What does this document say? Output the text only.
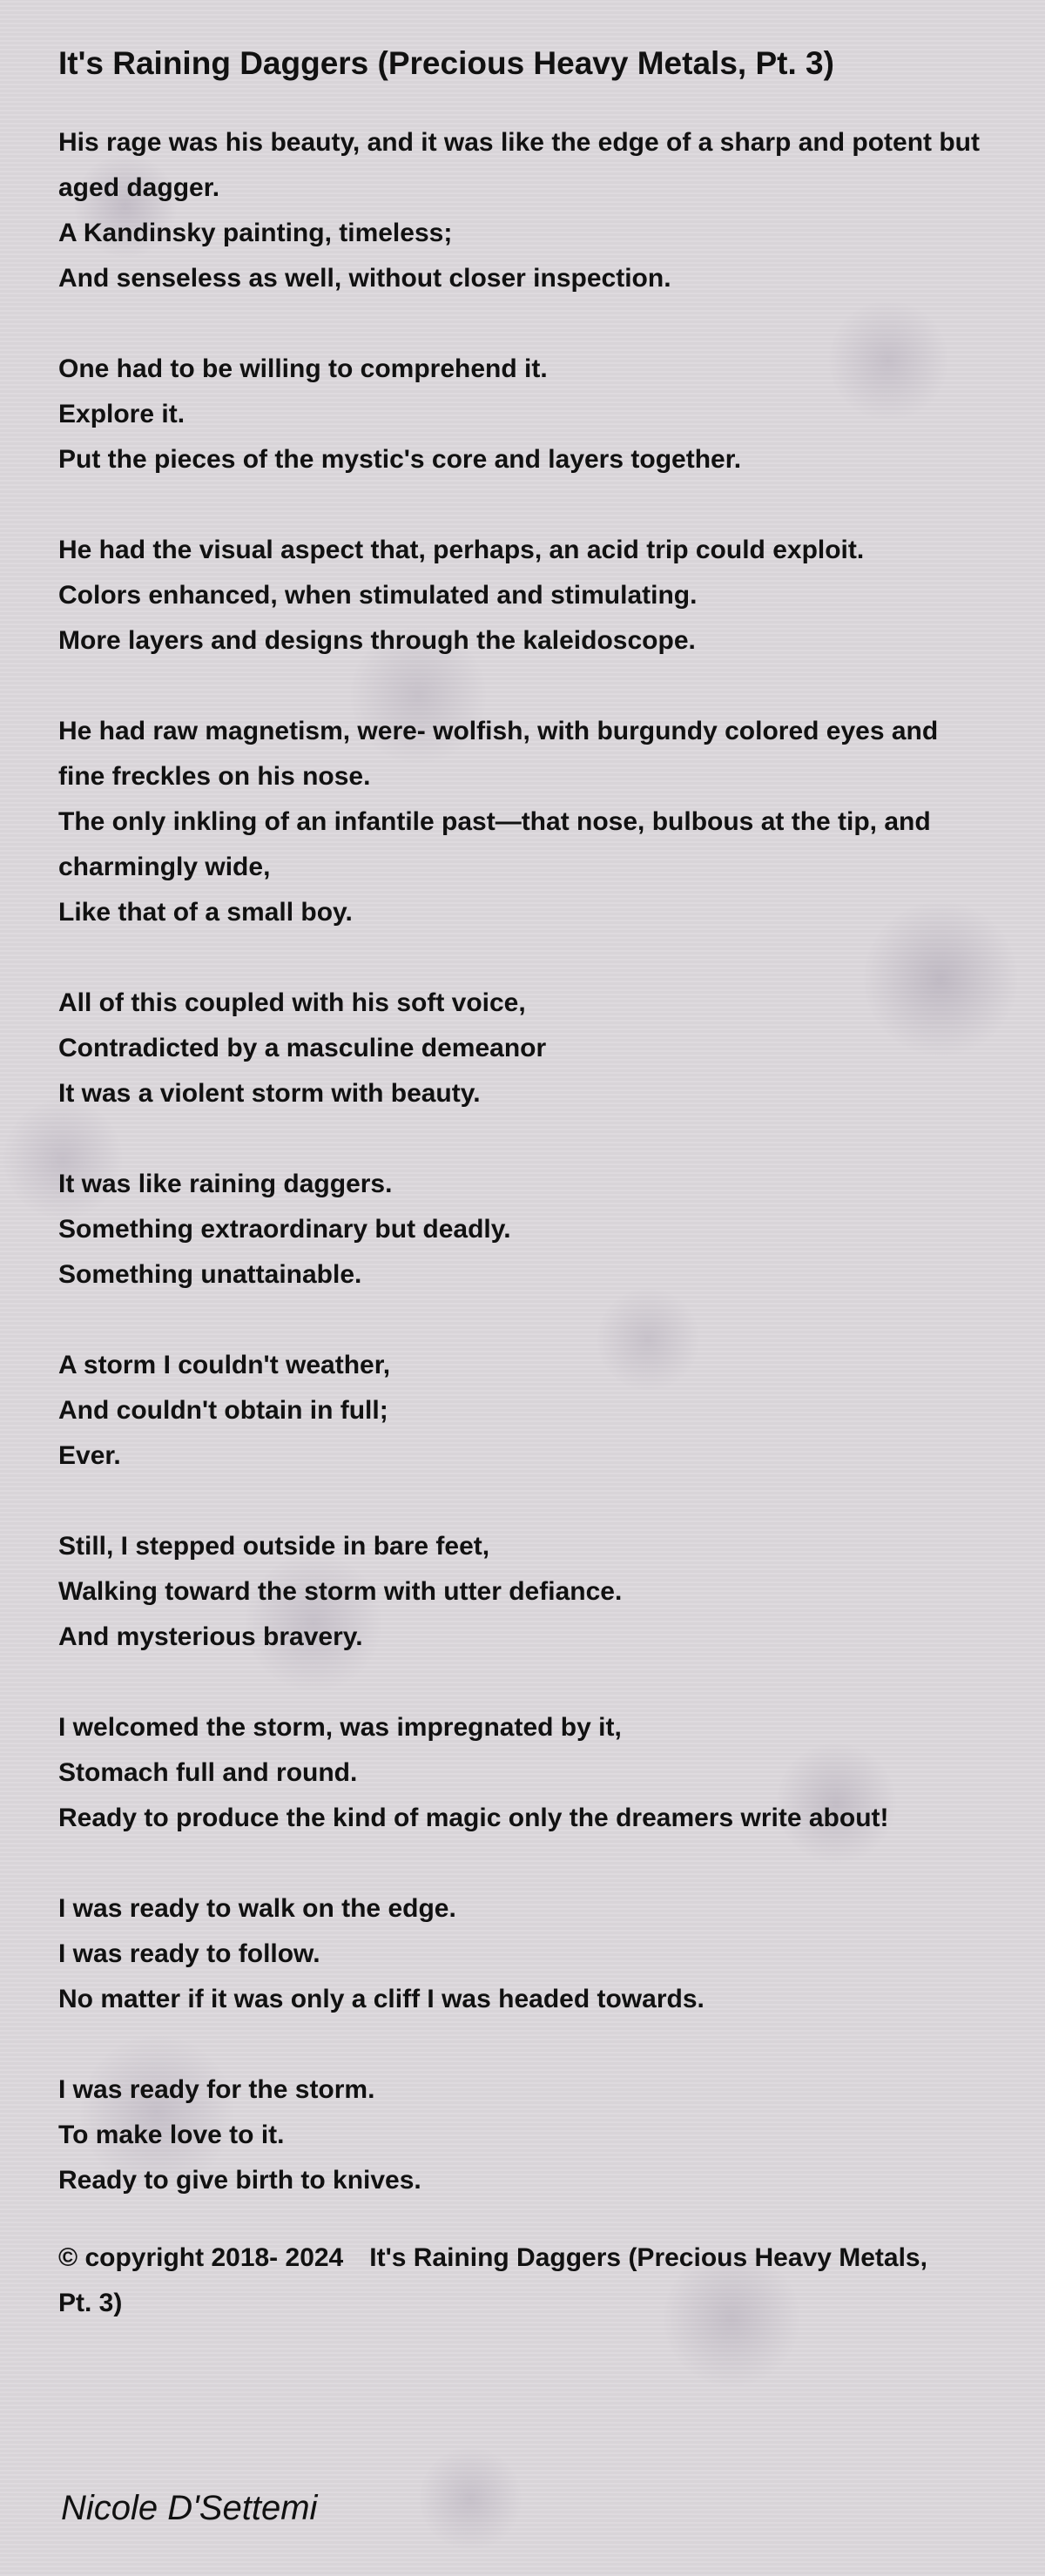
It's Raining Daggers (Precious Heavy Metals, Pt. 3)
His rage was his beauty, and it was like the edge of a sharp and potent but aged dagger.
A Kandinsky painting, timeless;
And senseless as well, without closer inspection.
One had to be willing to comprehend it.
Explore it.
Put the pieces of the mystic's core and layers together.
He had the visual aspect that, perhaps, an acid trip could exploit.
Colors enhanced, when stimulated and stimulating.
More layers and designs through the kaleidoscope.
He had raw magnetism, were- wolfish, with burgundy colored eyes and fine freckles on his nose.
The only inkling of an infantile past—that nose, bulbous at the tip, and charmingly wide,
Like that of a small boy.
All of this coupled with his soft voice,
Contradicted by a masculine demeanor
It was a violent storm with beauty.
It was like raining daggers.
Something extraordinary but deadly.
Something unattainable.
A storm I couldn't weather,
And couldn't obtain in full;
Ever.
Still, I stepped outside in bare feet,
Walking toward the storm with utter defiance.
And mysterious bravery.
I welcomed the storm, was impregnated by it,
Stomach full and round.
Ready to produce the kind of magic only the dreamers write about!
I was ready to walk on the edge.
I was ready to follow.
No matter if it was only a cliff I was headed towards.
I was ready for the storm.
To make love to it.
Ready to give birth to knives.
© copyright 2018- 2024 It's Raining Daggers (Precious Heavy Metals, Pt. 3)
Nicole D'Settemi
